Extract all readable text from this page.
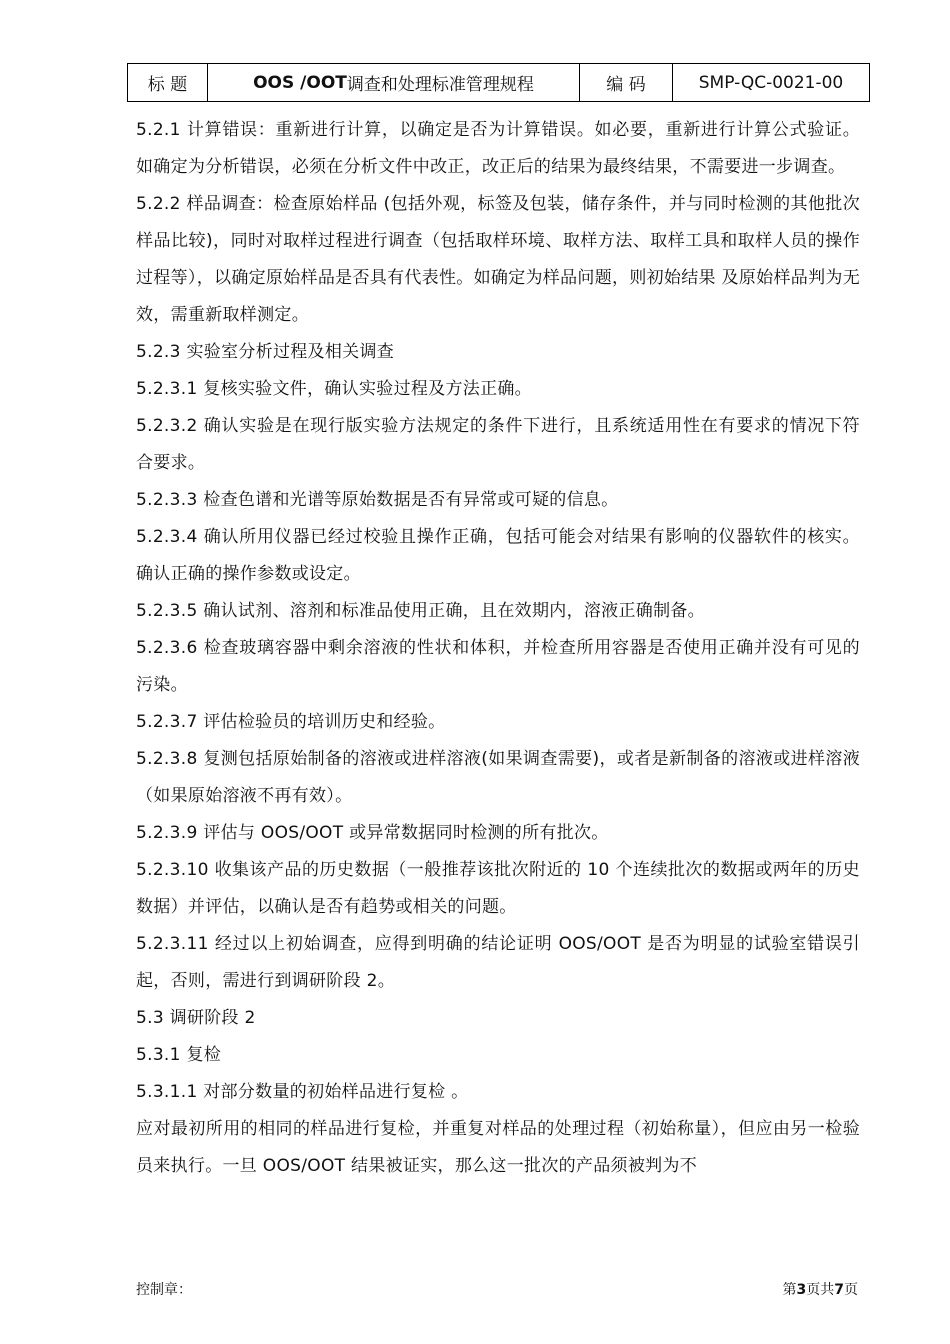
标 题	OOS /OOT 调查和处理标准管理规程	编 码	SMP-QC-0021-00

5.2.1 计算错误：重新进行计算，以确定是否为计算错误。如必要，重新进行计算公式验证。如确定为分析错误，必须在分析文件中改正，改正后的结果为最终结果，不需要进一步调查。

5.2.2 样品调查：检查原始样品 (包括外观，标签及包装，储存条件，并与同时检测的其他批次样品比较)，同时对取样过程进行调查（包括取样环境、取样方法、取样工具和取样人员的操作过程等），以确定原始样品是否具有代表性。如确定为样品问题，则初始结果 及原始样品判为无效，需重新取样测定。

5.2.3 实验室分析过程及相关调查

5.2.3.1 复核实验文件，确认实验过程及方法正确。

5.2.3.2 确认实验是在现行版实验方法规定的条件下进行，且系统适用性在有要求的情况下符合要求。

5.2.3.3 检查色谱和光谱等原始数据是否有异常或可疑的信息。

5.2.3.4 确认所用仪器已经过校验且操作正确，包括可能会对结果有影响的仪器软件的核实。 确认正确的操作参数或设定。

5.2.3.5 确认试剂、溶剂和标准品使用正确，且在效期内，溶液正确制备。

5.2.3.6 检查玻璃容器中剩余溶液的性状和体积，并检查所用容器是否使用正确并没有可见的污染。

5.2.3.7 评估检验员的培训历史和经验。

5.2.3.8 复测包括原始制备的溶液或进样溶液(如果调查需要)，或者是新制备的溶液或进样溶液（如果原始溶液不再有效）。

5.2.3.9 评估与 OOS/OOT 或异常数据同时检测的所有批次。

5.2.3.10 收集该产品的历史数据（一般推荐该批次附近的 10 个连续批次的数据或两年的历史数据）并评估，以确认是否有趋势或相关的问题。

5.2.3.11 经过以上初始调查，应得到明确的结论证明 OOS/OOT 是否为明显的试验室错误引起，否则，需进行到调研阶段 2。

5.3 调研阶段 2

5.3.1 复检

5.3.1.1 对部分数量的初始样品进行复检 。

应对最初所用的相同的样品进行复检，并重复对样品的处理过程（初始称量），但应由另一检验员来执行。一旦 OOS/OOT 结果被证实，那么这一批次的产品须被判为不

控制章：	第3页共7页
